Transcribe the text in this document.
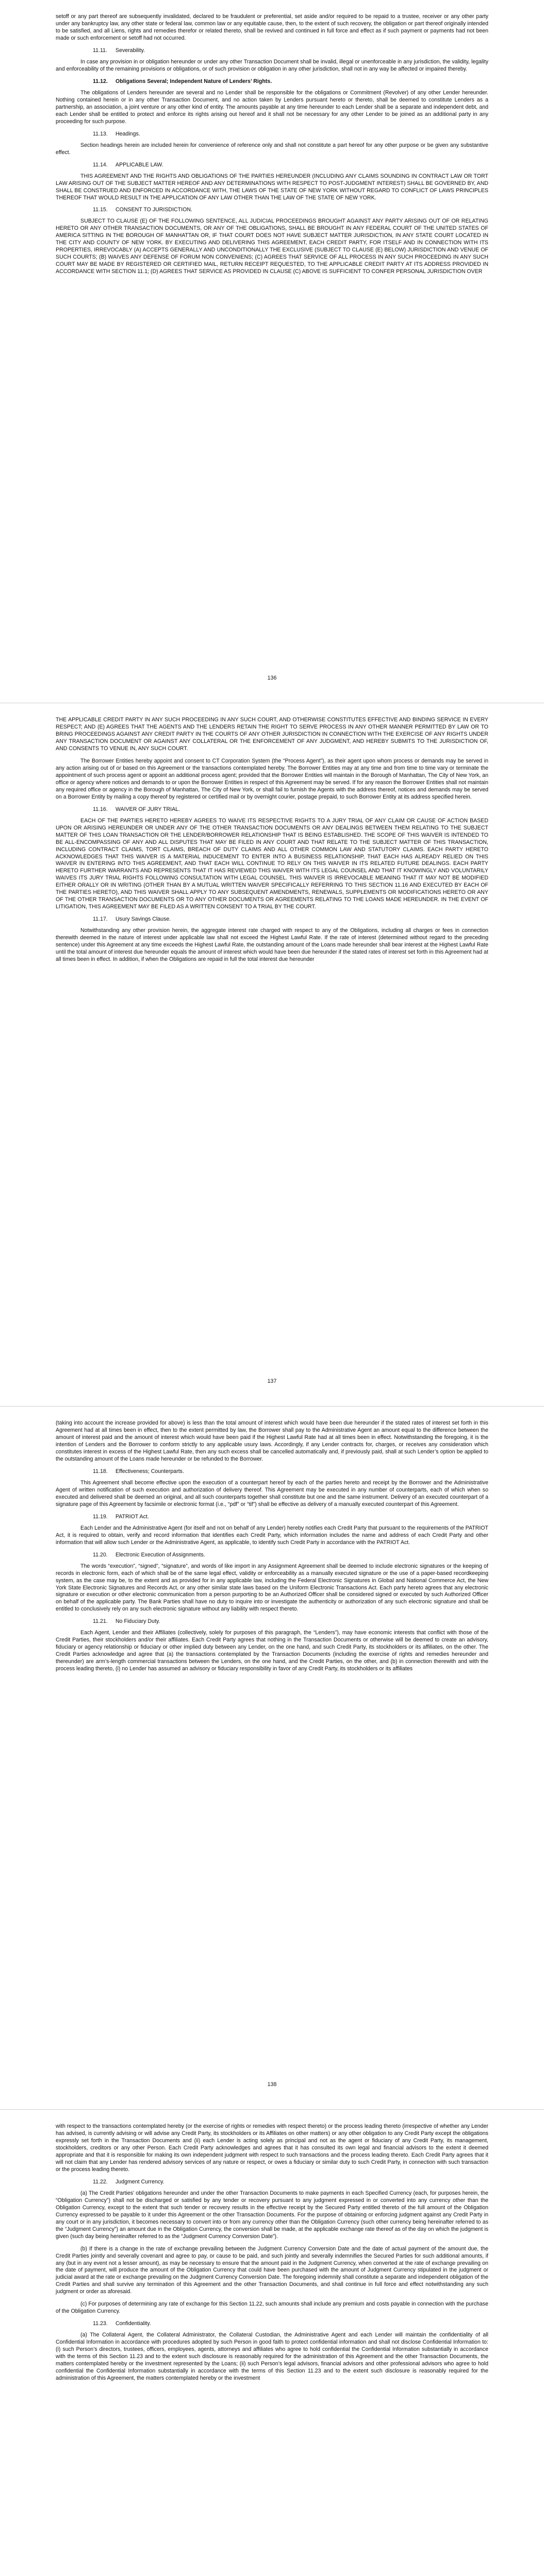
setoff or any part thereof are subsequently invalidated, declared to be fraudulent or preferential, set aside and/or required to be repaid to a trustee, receiver or any other party under any bankruptcy law, any other state or federal law, common law or any equitable cause, then, to the extent of such recovery, the obligation or part thereof originally intended to be satisfied, and all Liens, rights and remedies therefor or related thereto, shall be revived and continued in full force and effect as if such payment or payments had not been made or such enforcement or setoff had not occurred.

11.11. Severability.

In case any provision in or obligation hereunder or under any other Transaction Document shall be invalid, illegal or unenforceable in any jurisdiction, the validity, legality and enforceability of the remaining provisions or obligations, or of such provision or obligation in any other jurisdiction, shall not in any way be affected or impaired thereby.

11.12. Obligations Several; Independent Nature of Lenders’ Rights.

The obligations of Lenders hereunder are several and no Lender shall be responsible for the obligations or Commitment (Revolver) of any other Lender hereunder. Nothing contained herein or in any other Transaction Document, and no action taken by Lenders pursuant hereto or thereto, shall be deemed to constitute Lenders as a partnership, an association, a joint venture or any other kind of entity. The amounts payable at any time hereunder to each Lender shall be a separate and independent debt, and each Lender shall be entitled to protect and enforce its rights arising out hereof and it shall not be necessary for any other Lender to be joined as an additional party in any proceeding for such purpose.

11.13. Headings.

Section headings herein are included herein for convenience of reference only and shall not constitute a part hereof for any other purpose or be given any substantive effect.

11.14. APPLICABLE LAW.

THIS AGREEMENT AND THE RIGHTS AND OBLIGATIONS OF THE PARTIES HEREUNDER (INCLUDING ANY CLAIMS SOUNDING IN CONTRACT LAW OR TORT LAW ARISING OUT OF THE SUBJECT MATTER HEREOF AND ANY DETERMINATIONS WITH RESPECT TO POST-JUDGMENT INTEREST) SHALL BE GOVERNED BY, AND SHALL BE CONSTRUED AND ENFORCED IN ACCORDANCE WITH, THE LAWS OF THE STATE OF NEW YORK WITHOUT REGARD TO CONFLICT OF LAWS PRINCIPLES THEREOF THAT WOULD RESULT IN THE APPLICATION OF ANY LAW OTHER THAN THE LAW OF THE STATE OF NEW YORK.

11.15. CONSENT TO JURISDICTION.

SUBJECT TO CLAUSE (E) OF THE FOLLOWING SENTENCE, ALL JUDICIAL PROCEEDINGS BROUGHT AGAINST ANY PARTY ARISING OUT OF OR RELATING HERETO OR ANY OTHER TRANSACTION DOCUMENTS, OR ANY OF THE OBLIGATIONS, SHALL BE BROUGHT IN ANY FEDERAL COURT OF THE UNITED STATES OF AMERICA SITTING IN THE BOROUGH OF MANHATTAN OR, IF THAT COURT DOES NOT HAVE SUBJECT MATTER JURISDICTION, IN ANY STATE COURT LOCATED IN THE CITY AND COUNTY OF NEW YORK. BY EXECUTING AND DELIVERING THIS AGREEMENT, EACH CREDIT PARTY, FOR ITSELF AND IN CONNECTION WITH ITS PROPERTIES, IRREVOCABLY (A) ACCEPTS GENERALLY AND UNCONDITIONALLY THE EXCLUSIVE (SUBJECT TO CLAUSE (E) BELOW) JURISDICTION AND VENUE OF SUCH COURTS; (B) WAIVES ANY DEFENSE OF FORUM NON CONVENIENS; (C) AGREES THAT SERVICE OF ALL PROCESS IN ANY SUCH PROCEEDING IN ANY SUCH COURT MAY BE MADE BY REGISTERED OR CERTIFIED MAIL, RETURN RECEIPT REQUESTED, TO THE APPLICABLE CREDIT PARTY AT ITS ADDRESS PROVIDED IN ACCORDANCE WITH SECTION 11.1; (D) AGREES THAT SERVICE AS PROVIDED IN CLAUSE (C) ABOVE IS SUFFICIENT TO CONFER PERSONAL JURISDICTION OVER

136

THE APPLICABLE CREDIT PARTY IN ANY SUCH PROCEEDING IN ANY SUCH COURT, AND OTHERWISE CONSTITUTES EFFECTIVE AND BINDING SERVICE IN EVERY RESPECT; AND (E) AGREES THAT THE AGENTS AND THE LENDERS RETAIN THE RIGHT TO SERVE PROCESS IN ANY OTHER MANNER PERMITTED BY LAW OR TO BRING PROCEEDINGS AGAINST ANY CREDIT PARTY IN THE COURTS OF ANY OTHER JURISDICTION IN CONNECTION WITH THE EXERCISE OF ANY RIGHTS UNDER ANY TRANSACTION DOCUMENT OR AGAINST ANY COLLATERAL OR THE ENFORCEMENT OF ANY JUDGMENT, AND HEREBY SUBMITS TO THE JURISDICTION OF, AND CONSENTS TO VENUE IN, ANY SUCH COURT.

The Borrower Entities hereby appoint and consent to CT Corporation System (the “Process Agent”), as their agent upon whom process or demands may be served in any action arising out of or based on this Agreement or the transactions contemplated hereby. The Borrower Entities may at any time and from time to time vary or terminate the appointment of such process agent or appoint an additional process agent; provided that the Borrower Entities will maintain in the Borough of Manhattan, The City of New York, an office or agency where notices and demands to or upon the Borrower Entities in respect of this Agreement may be served. If for any reason the Borrower Entities shall not maintain any required office or agency in the Borough of Manhattan, The City of New York, or shall fail to furnish the Agents with the address thereof, notices and demands may be served on a Borrower Entity by mailing a copy thereof by registered or certified mail or by overnight courier, postage prepaid, to such Borrower Entity at its address specified herein.

11.16. WAIVER OF JURY TRIAL.

EACH OF THE PARTIES HERETO HEREBY AGREES TO WAIVE ITS RESPECTIVE RIGHTS TO A JURY TRIAL OF ANY CLAIM OR CAUSE OF ACTION BASED UPON OR ARISING HEREUNDER OR UNDER ANY OF THE OTHER TRANSACTION DOCUMENTS OR ANY DEALINGS BETWEEN THEM RELATING TO THE SUBJECT MATTER OF THIS LOAN TRANSACTION OR THE LENDER/BORROWER RELATIONSHIP THAT IS BEING ESTABLISHED. THE SCOPE OF THIS WAIVER IS INTENDED TO BE ALL-ENCOMPASSING OF ANY AND ALL DISPUTES THAT MAY BE FILED IN ANY COURT AND THAT RELATE TO THE SUBJECT MATTER OF THIS TRANSACTION, INCLUDING CONTRACT CLAIMS, TORT CLAIMS, BREACH OF DUTY CLAIMS AND ALL OTHER COMMON LAW AND STATUTORY CLAIMS. EACH PARTY HERETO ACKNOWLEDGES THAT THIS WAIVER IS A MATERIAL INDUCEMENT TO ENTER INTO A BUSINESS RELATIONSHIP, THAT EACH HAS ALREADY RELIED ON THIS WAIVER IN ENTERING INTO THIS AGREEMENT, AND THAT EACH WILL CONTINUE TO RELY ON THIS WAIVER IN ITS RELATED FUTURE DEALINGS. EACH PARTY HERETO FURTHER WARRANTS AND REPRESENTS THAT IT HAS REVIEWED THIS WAIVER WITH ITS LEGAL COUNSEL AND THAT IT KNOWINGLY AND VOLUNTARILY WAIVES ITS JURY TRIAL RIGHTS FOLLOWING CONSULTATION WITH LEGAL COUNSEL. THIS WAIVER IS IRREVOCABLE MEANING THAT IT MAY NOT BE MODIFIED EITHER ORALLY OR IN WRITING (OTHER THAN BY A MUTUAL WRITTEN WAIVER SPECIFICALLY REFERRING TO THIS SECTION 11.16 AND EXECUTED BY EACH OF THE PARTIES HERETO), AND THIS WAIVER SHALL APPLY TO ANY SUBSEQUENT AMENDMENTS, RENEWALS, SUPPLEMENTS OR MODIFICATIONS HERETO OR ANY OF THE OTHER TRANSACTION DOCUMENTS OR TO ANY OTHER DOCUMENTS OR AGREEMENTS RELATING TO THE LOANS MADE HEREUNDER. IN THE EVENT OF LITIGATION, THIS AGREEMENT MAY BE FILED AS A WRITTEN CONSENT TO A TRIAL BY THE COURT.

11.17. Usury Savings Clause.

Notwithstanding any other provision herein, the aggregate interest rate charged with respect to any of the Obligations, including all charges or fees in connection therewith deemed in the nature of interest under applicable law shall not exceed the Highest Lawful Rate. If the rate of interest (determined without regard to the preceding sentence) under this Agreement at any time exceeds the Highest Lawful Rate, the outstanding amount of the Loans made hereunder shall bear interest at the Highest Lawful Rate until the total amount of interest due hereunder equals the amount of interest which would have been due hereunder if the stated rates of interest set forth in this Agreement had at all times been in effect. In addition, if when the Obligations are repaid in full the total interest due hereunder

137

(taking into account the increase provided for above) is less than the total amount of interest which would have been due hereunder if the stated rates of interest set forth in this Agreement had at all times been in effect, then to the extent permitted by law, the Borrower shall pay to the Administrative Agent an amount equal to the difference between the amount of interest paid and the amount of interest which would have been paid if the Highest Lawful Rate had at all times been in effect. Notwithstanding the foregoing, it is the intention of Lenders and the Borrower to conform strictly to any applicable usury laws. Accordingly, if any Lender contracts for, charges, or receives any consideration which constitutes interest in excess of the Highest Lawful Rate, then any such excess shall be cancelled automatically and, if previously paid, shall at such Lender’s option be applied to the outstanding amount of the Loans made hereunder or be refunded to the Borrower.

11.18. Effectiveness; Counterparts.

This Agreement shall become effective upon the execution of a counterpart hereof by each of the parties hereto and receipt by the Borrower and the Administrative Agent of written notification of such execution and authorization of delivery thereof. This Agreement may be executed in any number of counterparts, each of which when so executed and delivered shall be deemed an original, and all such counterparts together shall constitute but one and the same instrument. Delivery of an executed counterpart of a signature page of this Agreement by facsimile or electronic format (i.e., “pdf” or “tif”) shall be effective as delivery of a manually executed counterpart of this Agreement.

11.19. PATRIOT Act.

Each Lender and the Administrative Agent (for itself and not on behalf of any Lender) hereby notifies each Credit Party that pursuant to the requirements of the PATRIOT Act, it is required to obtain, verify and record information that identifies each Credit Party, which information includes the name and address of each Credit Party and other information that will allow such Lender or the Administrative Agent, as applicable, to identify such Credit Party in accordance with the PATRIOT Act.

11.20. Electronic Execution of Assignments.

The words “execution”, “signed”, “signature”, and words of like import in any Assignment Agreement shall be deemed to include electronic signatures or the keeping of records in electronic form, each of which shall be of the same legal effect, validity or enforceability as a manually executed signature or the use of a paper-based recordkeeping system, as the case may be, to the extent and as provided for in any applicable law, including the Federal Electronic Signatures in Global and National Commerce Act, the New York State Electronic Signatures and Records Act, or any other similar state laws based on the Uniform Electronic Transactions Act. Each party hereto agrees that any electronic signature or execution or other electronic communication from a person purporting to be an Authorized Officer shall be considered signed or executed by such Authorized Officer on behalf of the applicable party. The Bank Parties shall have no duty to inquire into or investigate the authenticity or authorization of any such electronic signature and shall be entitled to conclusively rely on any such electronic signature without any liability with respect thereto.

11.21. No Fiduciary Duty.

Each Agent, Lender and their Affiliates (collectively, solely for purposes of this paragraph, the “Lenders”), may have economic interests that conflict with those of the Credit Parties, their stockholders and/or their affiliates. Each Credit Party agrees that nothing in the Transaction Documents or otherwise will be deemed to create an advisory, fiduciary or agency relationship or fiduciary or other implied duty between any Lender, on the one hand, and such Credit Party, its stockholders or its affiliates, on the other. The Credit Parties acknowledge and agree that (a) the transactions contemplated by the Transaction Documents (including the exercise of rights and remedies hereunder and thereunder) are arm’s-length commercial transactions between the Lenders, on the one hand, and the Credit Parties, on the other, and (b) in connection therewith and with the process leading thereto, (i) no Lender has assumed an advisory or fiduciary responsibility in favor of any Credit Party, its stockholders or its affiliates

138

with respect to the transactions contemplated hereby (or the exercise of rights or remedies with respect thereto) or the process leading thereto (irrespective of whether any Lender has advised, is currently advising or will advise any Credit Party, its stockholders or its Affiliates on other matters) or any other obligation to any Credit Party except the obligations expressly set forth in the Transaction Documents and (ii) each Lender is acting solely as principal and not as the agent or fiduciary of any Credit Party, its management, stockholders, creditors or any other Person. Each Credit Party acknowledges and agrees that it has consulted its own legal and financial advisors to the extent it deemed appropriate and that it is responsible for making its own independent judgment with respect to such transactions and the process leading thereto. Each Credit Party agrees that it will not claim that any Lender has rendered advisory services of any nature or respect, or owes a fiduciary or similar duty to such Credit Party, in connection with such transaction or the process leading thereto.

11.22. Judgment Currency.

(a) The Credit Parties’ obligations hereunder and under the other Transaction Documents to make payments in each Specified Currency (each, for purposes herein, the “Obligation Currency”) shall not be discharged or satisfied by any tender or recovery pursuant to any judgment expressed in or converted into any currency other than the Obligation Currency, except to the extent that such tender or recovery results in the effective receipt by the Secured Party entitled thereto of the full amount of the Obligation Currency expressed to be payable to it under this Agreement or the other Transaction Documents. For the purpose of obtaining or enforcing judgment against any Credit Party in any court or in any jurisdiction, it becomes necessary to convert into or from any currency other than the Obligation Currency (such other currency being hereinafter referred to as the “Judgment Currency”) an amount due in the Obligation Currency, the conversion shall be made, at the applicable exchange rate thereof as of the day on which the judgment is given (such day being hereinafter referred to as the “Judgment Currency Conversion Date”).

(b) If there is a change in the rate of exchange prevailing between the Judgment Currency Conversion Date and the date of actual payment of the amount due, the Credit Parties jointly and severally covenant and agree to pay, or cause to be paid, and such jointly and severally indemnifies the Secured Parties for such additional amounts, if any (but in any event not a lesser amount), as may be necessary to ensure that the amount paid in the Judgment Currency, when converted at the rate of exchange prevailing on the date of payment, will produce the amount of the Obligation Currency that could have been purchased with the amount of Judgment Currency stipulated in the judgment or judicial award at the rate or exchange prevailing on the Judgment Currency Conversion Date. The foregoing indemnity shall constitute a separate and independent obligation of the Credit Parties and shall survive any termination of this Agreement and the other Transaction Documents, and shall continue in full force and effect notwithstanding any such judgment or order as aforesaid.

(c) For purposes of determining any rate of exchange for this Section 11.22, such amounts shall include any premium and costs payable in connection with the purchase of the Obligation Currency.

11.23. Confidentiality.

(a) The Collateral Agent, the Collateral Administrator, the Collateral Custodian, the Administrative Agent and each Lender will maintain the confidentiality of all Confidential Information in accordance with procedures adopted by such Person in good faith to protect confidential information and shall not disclose Confidential Information to: (i) such Person’s directors, trustees, officers, employees, agents, attorneys and affiliates who agree to hold confidential the Confidential Information substantially in accordance with the terms of this Section 11.23 and to the extent such disclosure is reasonably required for the administration of this Agreement and the other Transaction Documents, the matters contemplated hereby or the investment represented by the Loans; (ii) such Person’s legal advisors, financial advisors and other professional advisors who agree to hold confidential the Confidential Information substantially in accordance with the terms of this Section 11.23 and to the extent such disclosure is reasonably required for the administration of this Agreement, the matters contemplated hereby or the investment
